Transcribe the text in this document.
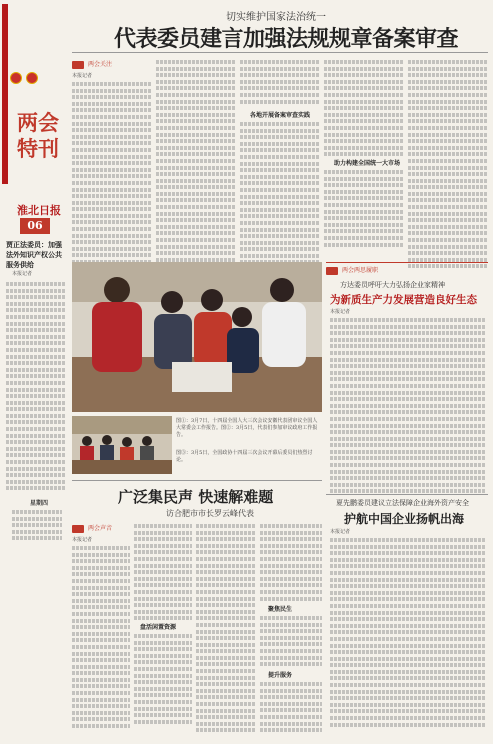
两会特刊
淮北日报
06
贾正法委员：加强法外知识产权公共服务供给
本报记者
星期四
切实维护国家法治统一
代表委员建言加强法规规章备案审查
两会关注
本报记者
各地开展备案审查实践
助力构建全国统一大市场
图①：3月7日，十四届全国人大三次会议安徽代表团审议全国人大常委会工作报告。图②：3月5日，代表们参加审议政府工作报告。
图③：3月5日，全国政协十四届三次会议开幕后委员们热烈讨论。
两会两思履职
方达委员呼吁大力弘扬企业家精神
为新质生产力发展营造良好生态
本报记者
夏先鹏委员建议立法保障企业海外资产安全
护航中国企业扬帆出海
本报记者
广泛集民声 快速解难题
访合肥市市长罗云峰代表
两会声音
本报记者
盘活闲置资源
聚焦民生
提升服务
